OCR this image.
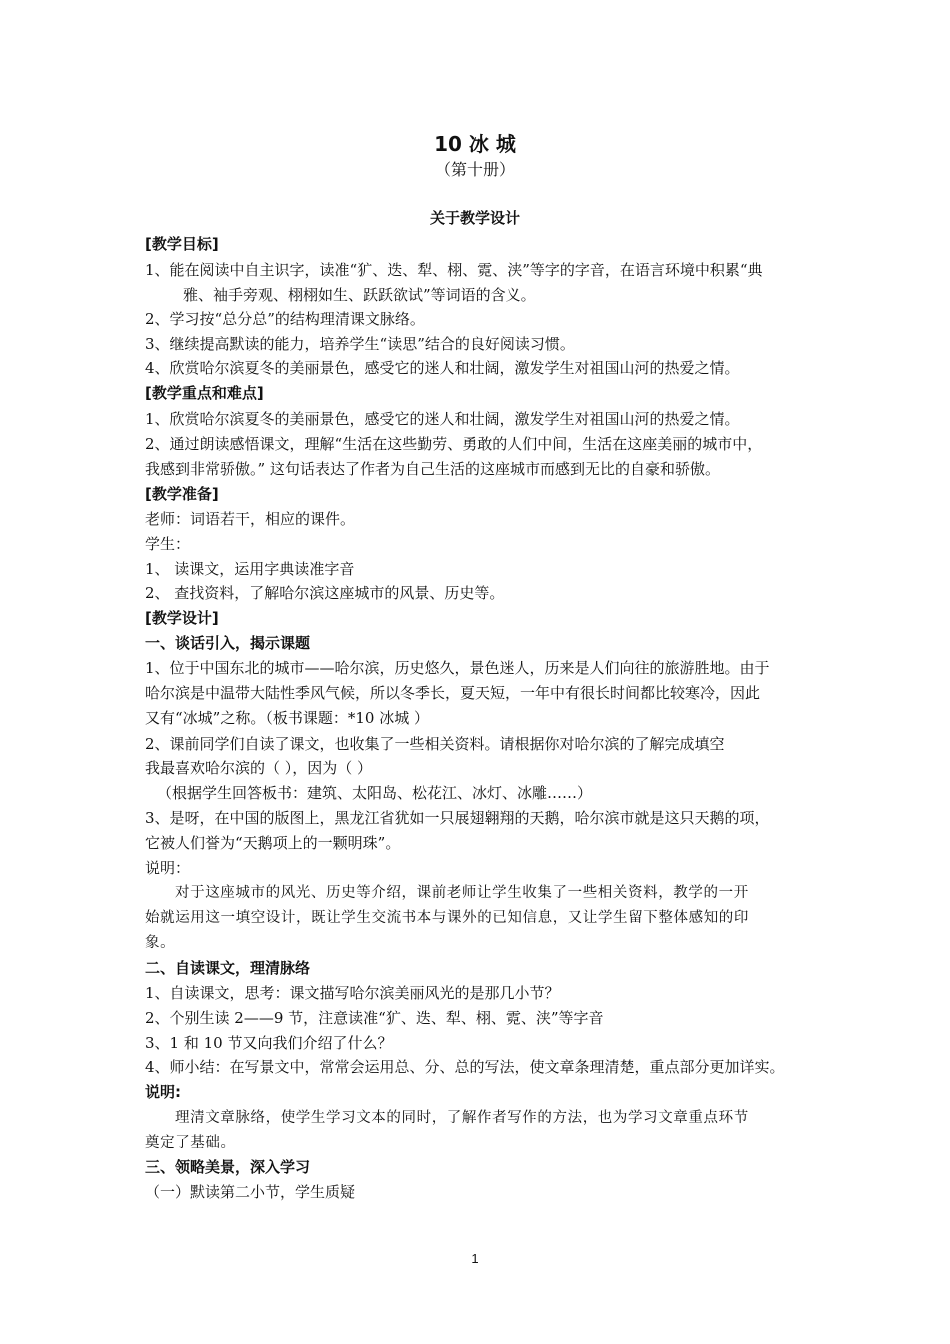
10 冰 城
（第十册）
关于教学设计
[教学目标]
1、能在阅读中自主识字，读准“犷、迭、犁、栩、霓、浃”等字的字音，在语言环境中积累“典
雅、袖手旁观、栩栩如生、跃跃欲试”等词语的含义。
2、学习按“总分总”的结构理清课文脉络。
3、继续提高默读的能力，培养学生“读思”结合的良好阅读习惯。
4、欣赏哈尔滨夏冬的美丽景色，感受它的迷人和壮阔，激发学生对祖国山河的热爱之情。
[教学重点和难点]
1、欣赏哈尔滨夏冬的美丽景色，感受它的迷人和壮阔，激发学生对祖国山河的热爱之情。
2、通过朗读感悟课文，理解“生活在这些勤劳、勇敢的人们中间，生活在这座美丽的城市中，
我感到非常骄傲。” 这句话表达了作者为自己生活的这座城市而感到无比的自豪和骄傲。
[教学准备]
老师：词语若干，相应的课件。
学生：
1、 读课文，运用字典读准字音
2、 查找资料，了解哈尔滨这座城市的风景、历史等。
[教学设计]
一、谈话引入，揭示课题
1、位于中国东北的城市——哈尔滨，历史悠久，景色迷人，历来是人们向往的旅游胜地。由于
哈尔滨是中温带大陆性季风气候，所以冬季长，夏天短，一年中有很长时间都比较寒冷，因此
又有“冰城”之称。（板书课题：*10 冰城 ）
2、课前同学们自读了课文，也收集了一些相关资料。请根据你对哈尔滨的了解完成填空
我最喜欢哈尔滨的（ ），因为（ ）
（根据学生回答板书：建筑、太阳岛、松花江、冰灯、冰雕……）
3、是呀，在中国的版图上，黑龙江省犹如一只展翅翱翔的天鹅，哈尔滨市就是这只天鹅的项，
它被人们誉为“天鹅项上的一颗明珠”。
说明：
对于这座城市的风光、历史等介绍，课前老师让学生收集了一些相关资料，教学的一开
始就运用这一填空设计，既让学生交流书本与课外的已知信息，又让学生留下整体感知的印
象。
二、自读课文，理清脉络
1、自读课文，思考：课文描写哈尔滨美丽风光的是那几小节？
2、个别生读 2——9 节，注意读准“犷、迭、犁、栩、霓、浃”等字音
3、1 和 10 节又向我们介绍了什么？
4、师小结：在写景文中，常常会运用总、分、总的写法，使文章条理清楚，重点部分更加详实。
说明:
理清文章脉络，使学生学习文本的同时，了解作者写作的方法，也为学习文章重点环节
奠定了基础。
三、领略美景，深入学习
（一）默读第二小节，学生质疑
1
